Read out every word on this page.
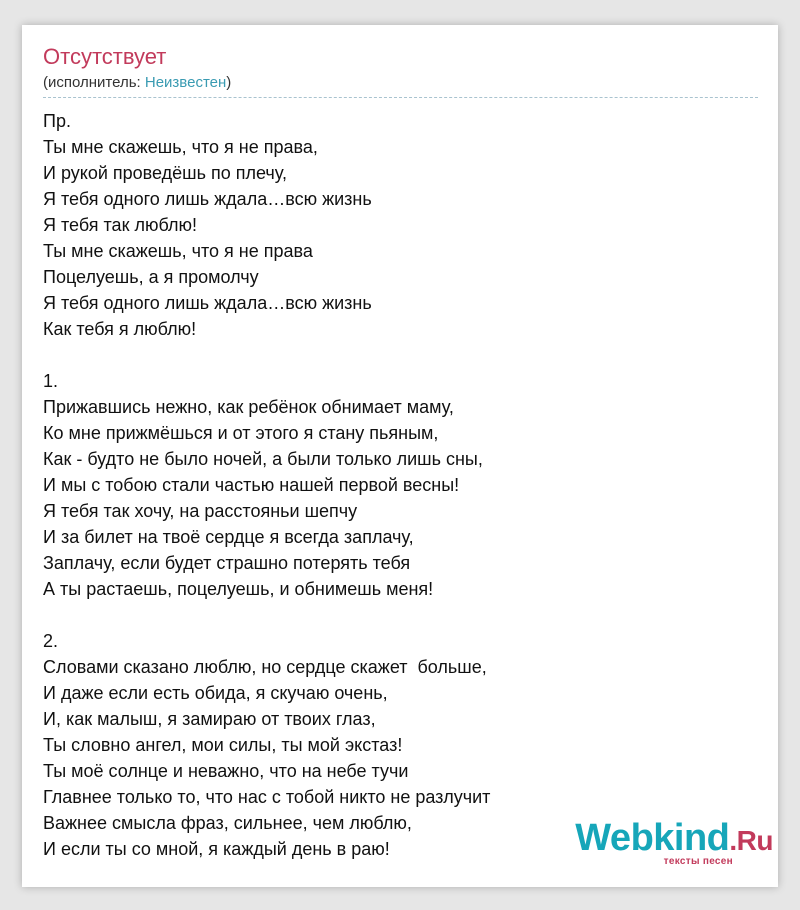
Отсутствует
(исполнитель: Неизвестен)
Пр.
Ты мне скажешь, что я не права,
И рукой проведёшь по плечу,
Я тебя одного лишь ждала…всю жизнь
Я тебя так люблю!
Ты мне скажешь, что я не права
Поцелуешь, а я промолчу
Я тебя одного лишь ждала…всю жизнь
Как тебя я люблю!
1.
Прижавшись нежно, как ребёнок обнимает маму,
Ко мне прижмёшься и от этого я стану пьяным,
Как - будто не было ночей, а были только лишь сны,
И мы с тобою стали частью нашей первой весны!
Я тебя так хочу, на расстояньи шепчу
И за билет на твоё сердце я всегда заплачу,
Заплачу, если будет страшно потерять тебя
А ты растаешь, поцелуешь, и обнимешь меня!
2.
Словами сказано люблю, но сердце скажет  больше,
И даже если есть обида, я скучаю очень,
И, как малыш, я замираю от твоих глаз,
Ты словно ангел, мои силы, ты мой экстаз!
Ты моё солнце и неважно, что на небе тучи
Главнее только то, что нас с тобой никто не разлучит
Важнее смысла фраз, сильнее, чем люблю,
И если ты со мной, я каждый день в раю!	Webkind.Ru
тексты песен
